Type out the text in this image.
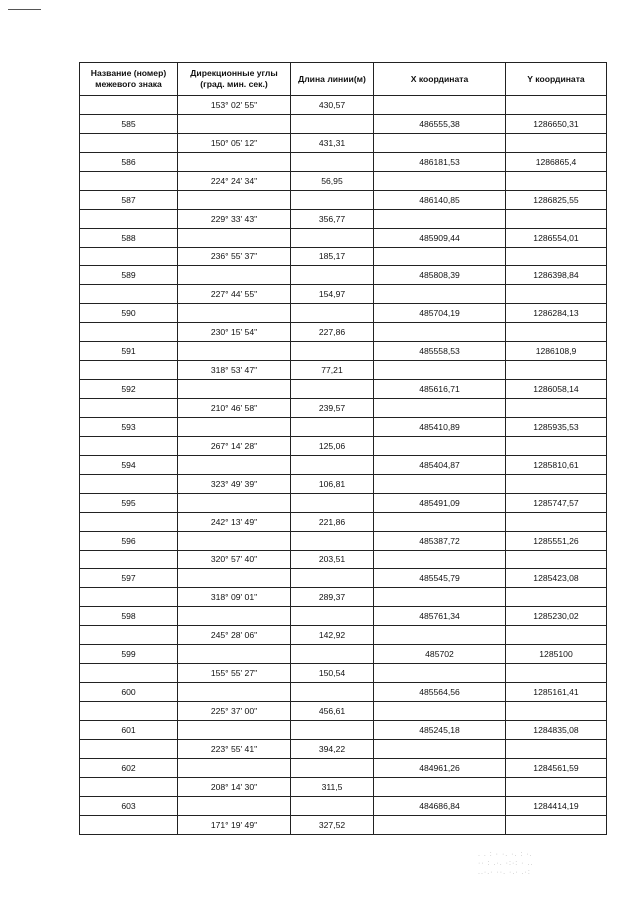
Название (номер) межевого знака	Дирекционные углы (град. мин. сек.)	Длина линии(м)	X координата	Y координата
	153° 02' 55"	430,57		
585			486555,38	1286650,31
	150° 05' 12"	431,31		
586			486181,53	1286865,4
	224° 24' 34"	56,95		
587			486140,85	1286825,55
	229° 33' 43"	356,77		
588			485909,44	1286554,01
	236° 55' 37"	185,17		
589			485808,39	1286398,84
	227° 44' 55"	154,97		
590			485704,19	1286284,13
	230° 15' 54"	227,86		
591			485558,53	1286108,9
	318° 53' 47"	77,21		
592			485616,71	1286058,14
	210° 46' 58"	239,57		
593			485410,89	1285935,53
	267° 14' 28"	125,06		
594			485404,87	1285810,61
	323° 49' 39"	106,81		
595			485491,09	1285747,57
	242° 13' 49"	221,86		
596			485387,72	1285551,26
	320° 57' 40"	203,51		
597			485545,79	1285423,08
	318° 09' 01"	289,37		
598			485761,34	1285230,02
	245° 28' 06"	142,92		
599			485702	1285100
	155° 55' 27"	150,54		
600			485564,56	1285161,41
	225° 37' 00"	456,61		
601			485245,18	1284835,08
	223° 55' 41"	394,22		
602			484961,26	1284561,59
	208° 14' 30"	311,5		
603			484686,84	1284414,19
	171° 19' 49"	327,52		
. . : · ·. ·. : ·.
·· : .·. ·:·: · ..
..·.· ··. ·.· .·:
